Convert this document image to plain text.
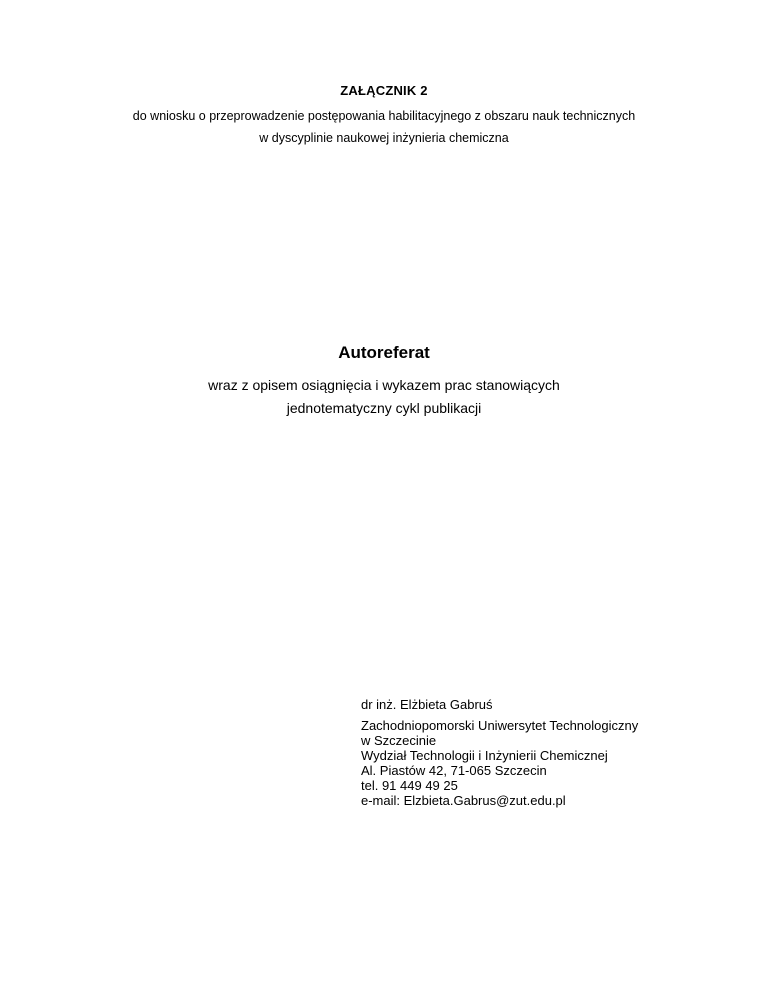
ZAŁĄCZNIK 2
do wniosku o przeprowadzenie postępowania habilitacyjnego z obszaru nauk technicznych
w dyscyplinie naukowej inżynieria chemiczna
Autoreferat
wraz z opisem osiągnięcia i wykazem prac stanowiących
jednotematyczny cykl publikacji
dr inż. Elżbieta Gabruś
Zachodniopomorski Uniwersytet Technologiczny
w Szczecinie
Wydział Technologii i Inżynierii Chemicznej
Al. Piastów 42, 71-065 Szczecin
tel. 91 449 49 25
e-mail: Elzbieta.Gabrus@zut.edu.pl
